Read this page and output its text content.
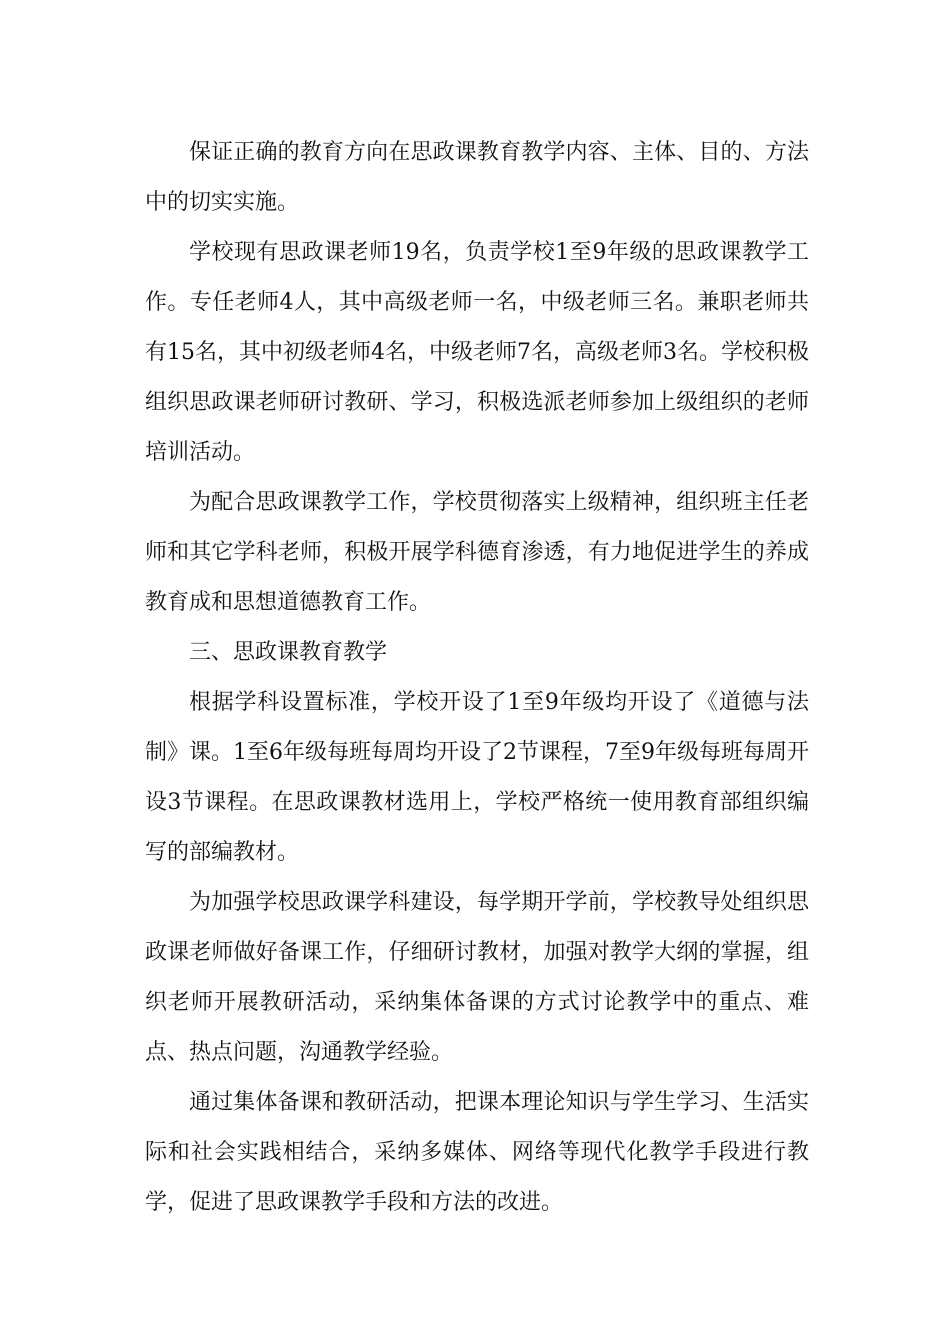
保证正确的教育方向在思政课教育教学内容、主体、目的、方法中的切实实施。

学校现有思政课老师19名，负责学校1至9年级的思政课教学工作。专任老师4人，其中高级老师一名，中级老师三名。兼职老师共有15名，其中初级老师4名，中级老师7名，高级老师3名。学校积极组织思政课老师研讨教研、学习，积极选派老师参加上级组织的老师培训活动。

为配合思政课教学工作，学校贯彻落实上级精神，组织班主任老师和其它学科老师，积极开展学科德育渗透，有力地促进学生的养成教育成和思想道德教育工作。

三、思政课教育教学

根据学科设置标准，学校开设了1至9年级均开设了《道德与法制》课。1至6年级每班每周均开设了2节课程，7至9年级每班每周开设3节课程。在思政课教材选用上，学校严格统一使用教育部组织编写的部编教材。

为加强学校思政课学科建设，每学期开学前，学校教导处组织思政课老师做好备课工作，仔细研讨教材，加强对教学大纲的掌握，组织老师开展教研活动，采纳集体备课的方式讨论教学中的重点、难点、热点问题，沟通教学经验。

通过集体备课和教研活动，把课本理论知识与学生学习、生活实际和社会实践相结合，采纳多媒体、网络等现代化教学手段进行教学，促进了思政课教学手段和方法的改进。
